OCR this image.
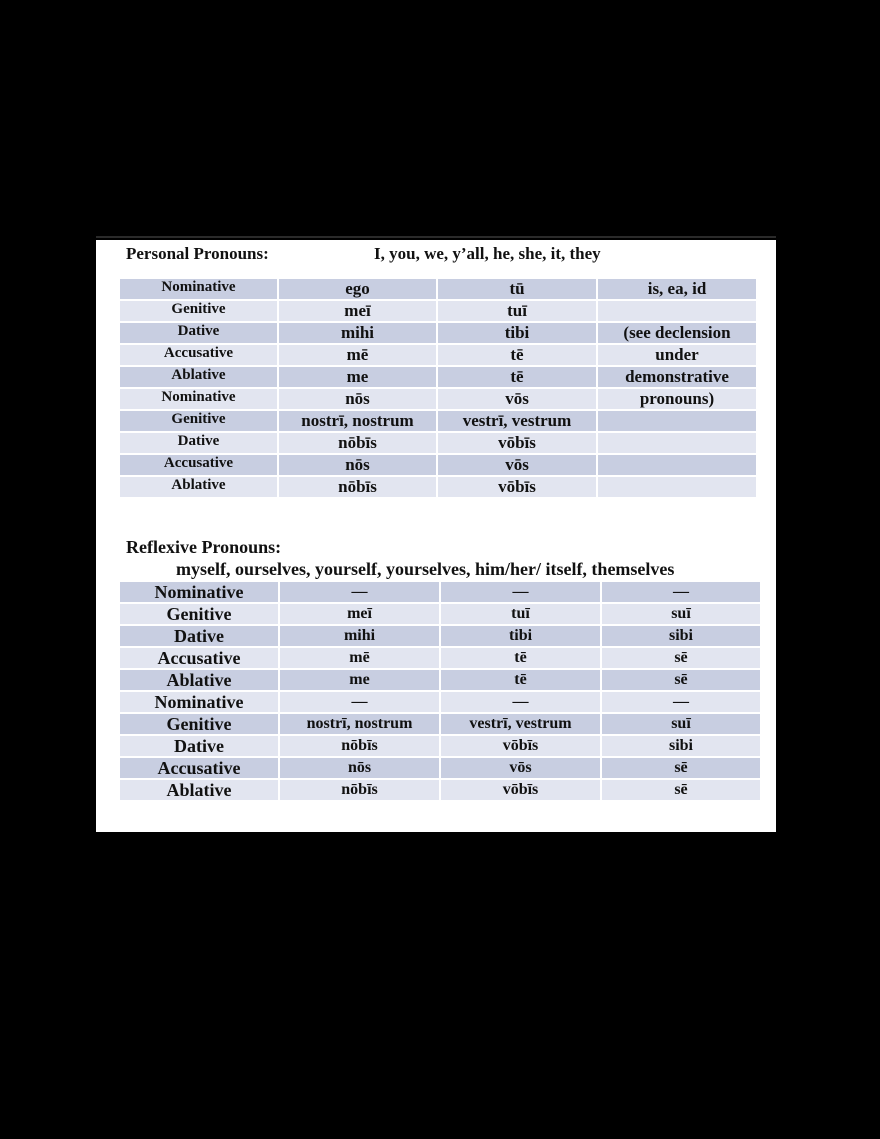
Personal Pronouns:	I, you, we, y’all, he, she, it, they
Nominative	ego	tū	is, ea, id
Genitive	meī	tuī	
Dative	mihi	tibi	(see declension
Accusative	mē	tē	under
Ablative	me	tē	demonstrative
Nominative	nōs	vōs	pronouns)
Genitive	nostrī, nostrum	vestrī, vestrum	
Dative	nōbīs	vōbīs	
Accusative	nōs	vōs	
Ablative	nōbīs	vōbīs	
Reflexive Pronouns:
myself, ourselves, yourself, yourselves, him/her/ itself, themselves
Nominative	—	—	—
Genitive	meī	tuī	suī
Dative	mihi	tibi	sibi
Accusative	mē	tē	sē
Ablative	me	tē	sē
Nominative	—	—	—
Genitive	nostrī, nostrum	vestrī, vestrum	suī
Dative	nōbīs	vōbīs	sibi
Accusative	nōs	vōs	sē
Ablative	nōbīs	vōbīs	sē
